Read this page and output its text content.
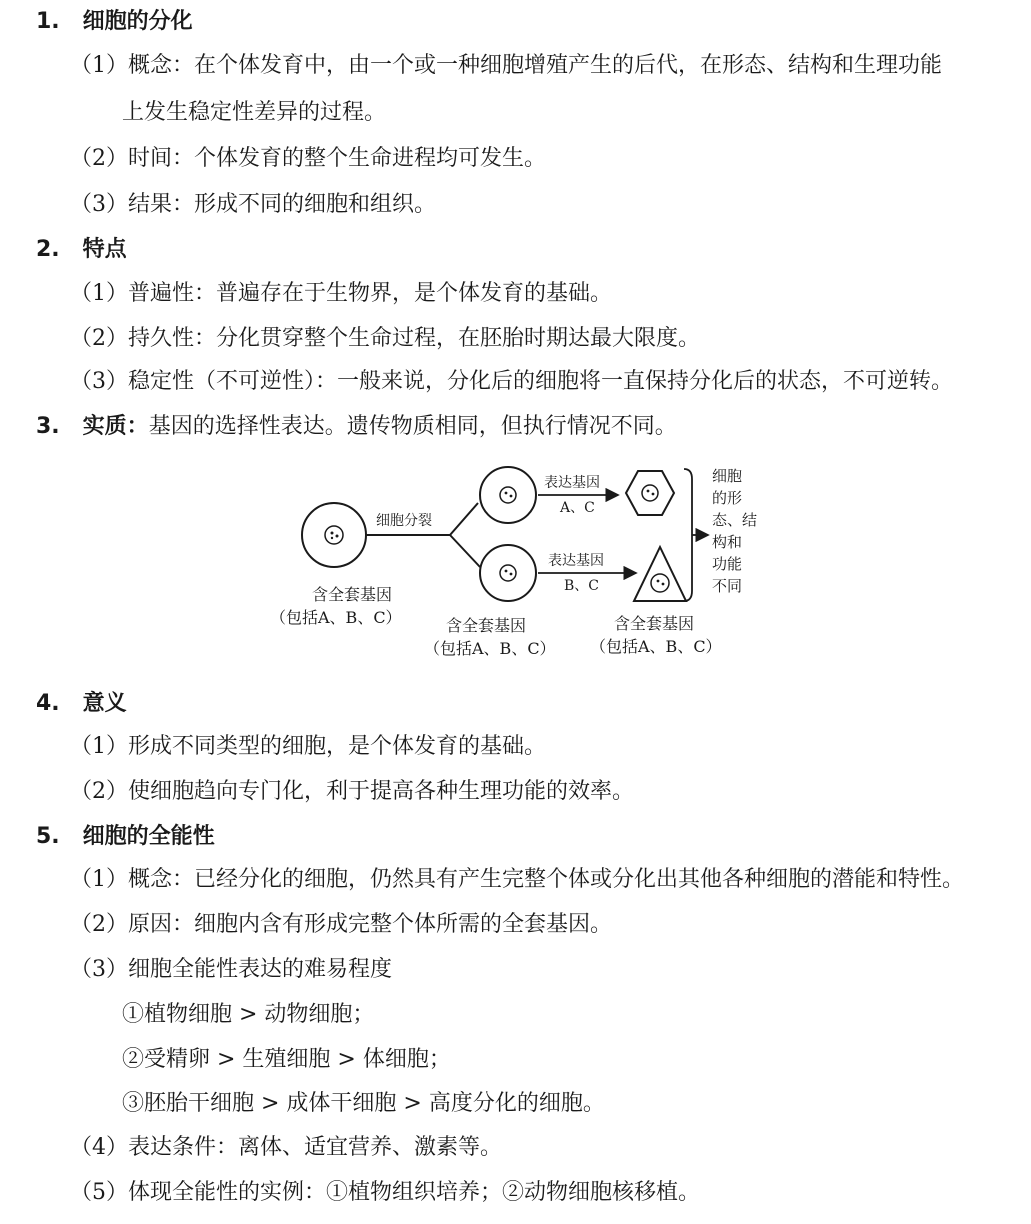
1. 细胞的分化
（1）概念：在个体发育中，由一个或一种细胞增殖产生的后代，在形态、结构和生理功能
上发生稳定性差异的过程。
（2）时间：个体发育的整个生命进程均可发生。
（3）结果：形成不同的细胞和组织。
2. 特点
（1）普遍性：普遍存在于生物界，是个体发育的基础。
（2）持久性：分化贯穿整个生命过程，在胚胎时期达最大限度。
（3）稳定性（不可逆性）：一般来说，分化后的细胞将一直保持分化后的状态，不可逆转。
3. 实质：基因的选择性表达。遗传物质相同，但执行情况不同。
细胞分裂
表达基因
A、C
表达基因
B、C
细胞
的形
态、结
构和
功能
不同
含全套基因
（包括A、B、C）	含全套基因
（包括A、B、C）
含全套基因
（包括A、B、C）
4. 意义
（1）形成不同类型的细胞，是个体发育的基础。
（2）使细胞趋向专门化，利于提高各种生理功能的效率。
5. 细胞的全能性
（1）概念：已经分化的细胞，仍然具有产生完整个体或分化出其他各种细胞的潜能和特性。
（2）原因：细胞内含有形成完整个体所需的全套基因。
（3）细胞全能性表达的难易程度
①植物细胞 > 动物细胞；
②受精卵 > 生殖细胞 > 体细胞；
③胚胎干细胞 > 成体干细胞 > 高度分化的细胞。
（4）表达条件：离体、适宜营养、激素等。
（5）体现全能性的实例：①植物组织培养；②动物细胞核移植。
